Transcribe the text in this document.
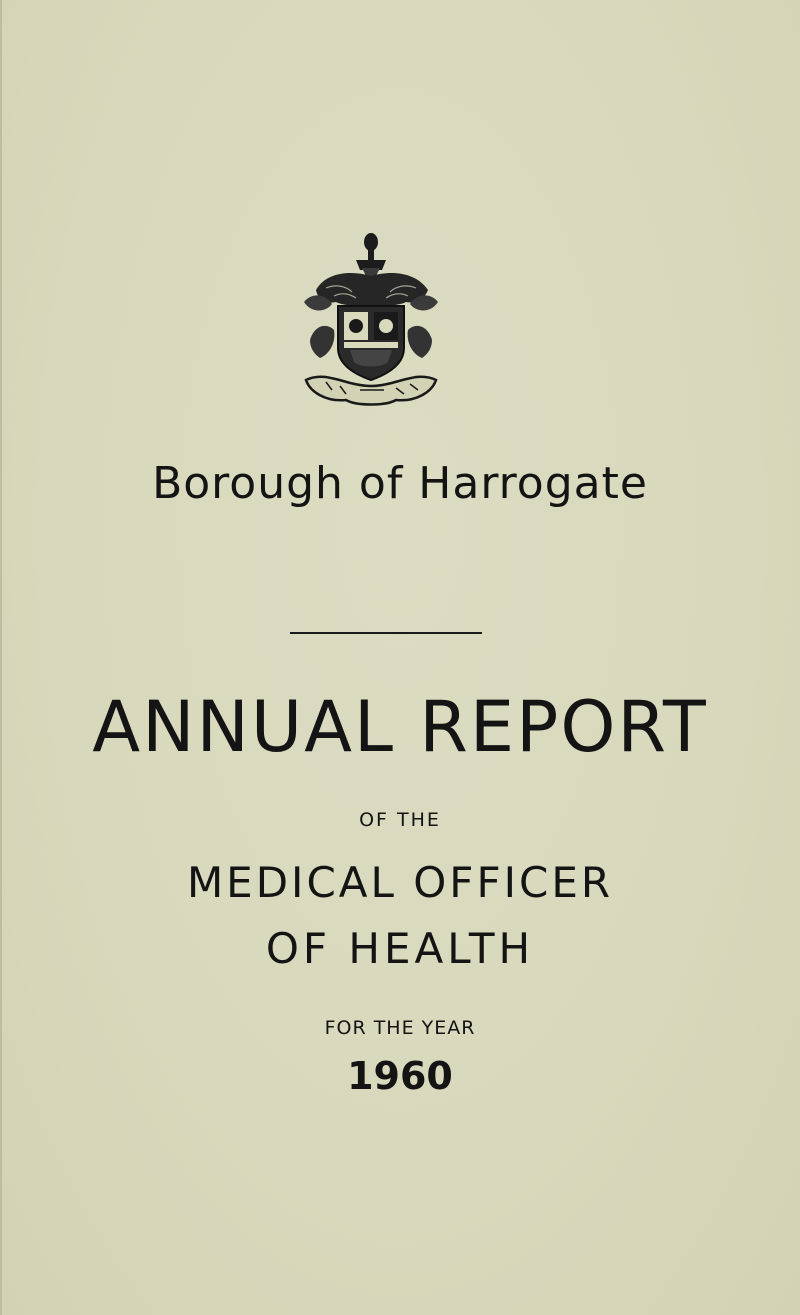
Borough of Harrogate
ANNUAL REPORT
OF THE
MEDICAL OFFICER
OF HEALTH
FOR THE YEAR
1960
